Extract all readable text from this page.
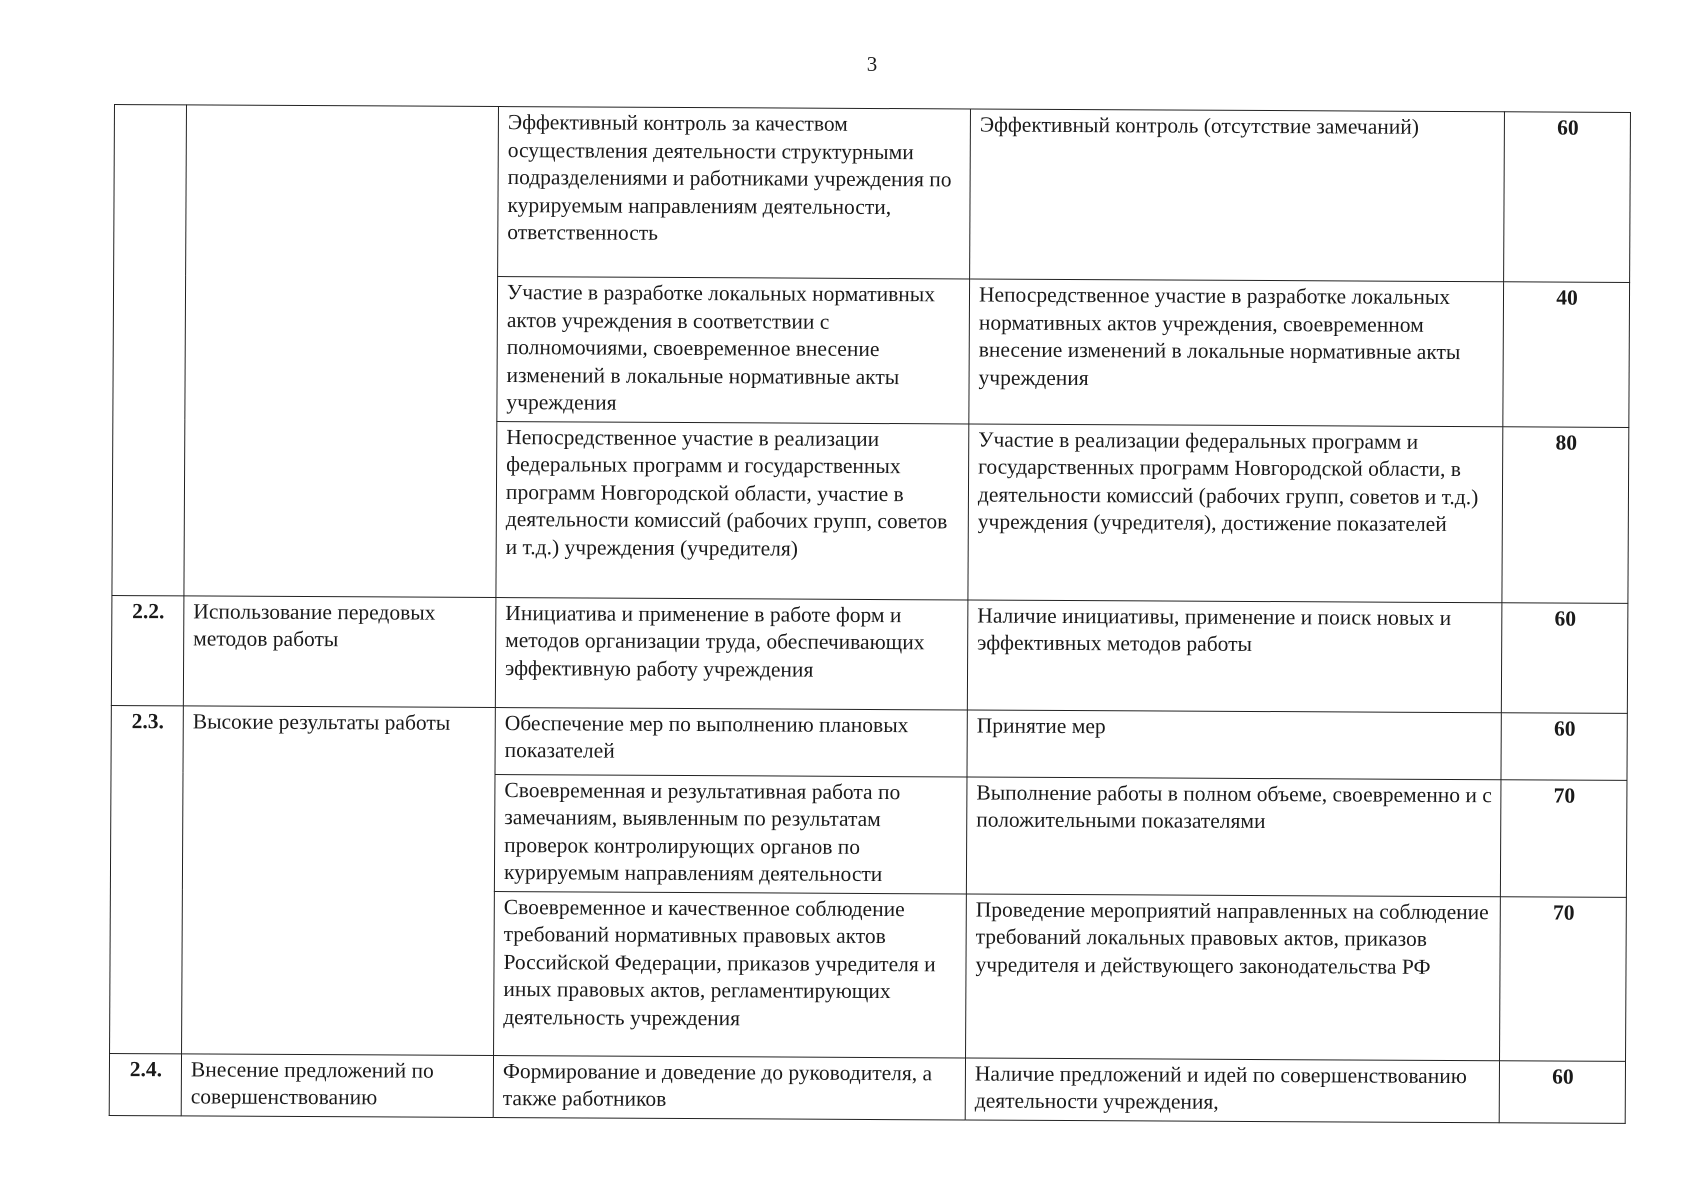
3
		Эффективный контроль за качеством осуществления деятельности структурными подразделениями и работниками учреждения по курируемым направлениям деятельности, ответственность	Эффективный контроль (отсутствие замечаний)	60
		Участие в разработке локальных нормативных актов учреждения в соответствии с полномочиями, своевременное внесение изменений в локальные нормативные акты учреждения	Непосредственное участие в разработке локальных нормативных актов учреждения, своевременном внесение изменений в локальные нормативные акты учреждения	40
		Непосредственное участие в реализации федеральных программ и государственных программ Новгородской области, участие в деятельности комиссий (рабочих групп, советов и т.д.) учреждения (учредителя)	Участие в реализации федеральных программ и государственных программ Новгородской области, в деятельности комиссий (рабочих групп, советов и т.д.) учреждения (учредителя), достижение показателей	80
2.2.	Использование передовых методов работы	Инициатива и применение в работе форм и методов организации труда, обеспечивающих эффективную работу учреждения	Наличие инициативы, применение и поиск новых и эффективных методов работы	60
2.3.	Высокие результаты работы	Обеспечение мер по выполнению плановых показателей	Принятие мер	60
		Своевременная и результативная работа по замечаниям, выявленным по результатам проверок контролирующих органов по курируемым направлениям деятельности	Выполнение работы в полном объеме, своевременно и с положительными показателями	70
		Своевременное и качественное соблюдение требований нормативных правовых актов Российской Федерации, приказов учредителя и иных правовых актов, регламентирующих деятельность учреждения	Проведение мероприятий направленных на соблюдение требований локальных правовых актов, приказов учредителя и действующего законодательства РФ	70
2.4.	Внесение предложений по совершенствованию	Формирование и доведение до руководителя, а также работников	Наличие предложений и идей по совершенствованию деятельности учреждения,	60
